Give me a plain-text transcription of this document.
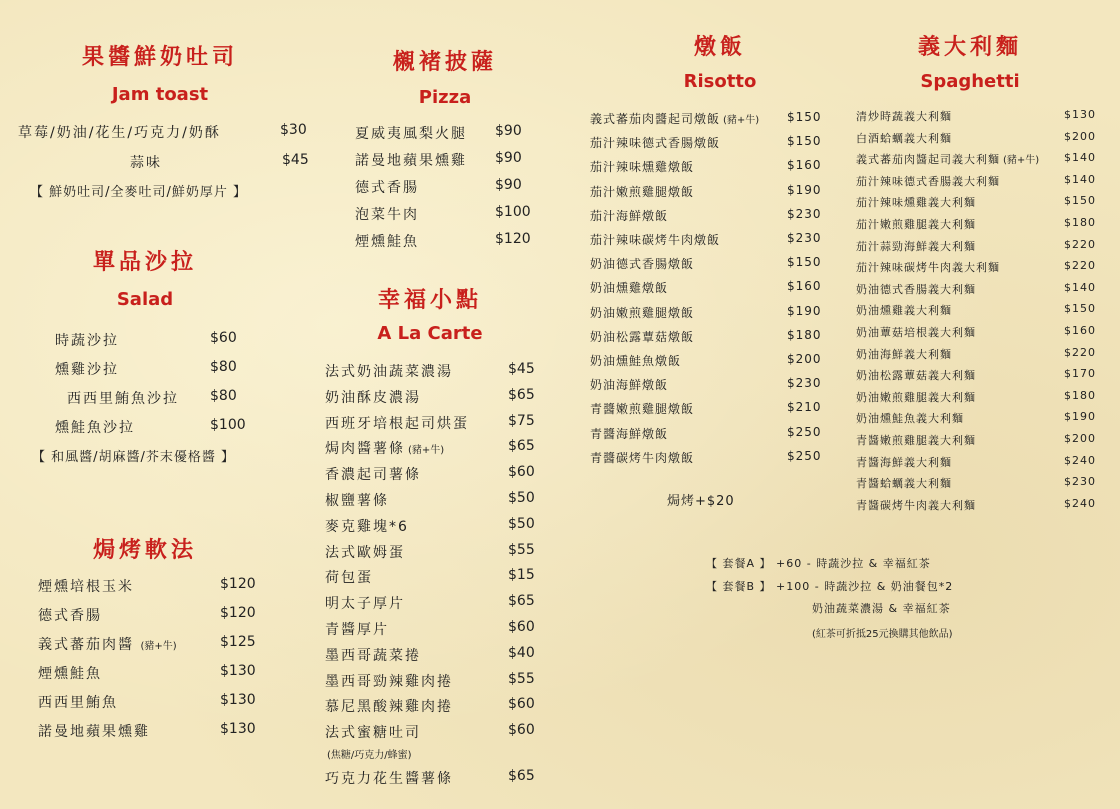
果醬鮮奶吐司
Jam toast
草莓/奶油/花生/巧克力/奶酥	$30
蒜味	$45
【 鮮奶吐司/全麥吐司/鮮奶厚片 】
單品沙拉
Salad
時蔬沙拉	$60
燻雞沙拉	$80
西西里鮪魚沙拉 $80
燻鮭魚沙拉	$100
【 和風醬/胡麻醬/芥末優格醬 】
焗烤軟法
煙燻培根玉米	$120
德式香腸	$120
義式蕃茄肉醬 (豬+牛)	$125
煙燻鮭魚	$130
西西里鮪魚	$130
諾曼地蘋果燻雞	$130
櫬褚披薩
Pizza
夏威夷風梨火腿 $90
諾曼地蘋果燻雞 $90
德式香腸	$90
泡菜牛肉	$100
煙燻鮭魚	$120
幸福小點
A La Carte
法式奶油蔬菜濃湯	$45
奶油酥皮濃湯	$65
西班牙培根起司烘蛋	$75
焗肉醬薯條 (豬+牛)	$65
香濃起司薯條	$60
椒鹽薯條	$50
麥克雞塊*6	$50
法式歐姆蛋	$55
荷包蛋	$15
明太子厚片	$65
青醬厚片	$60
墨西哥蔬菜捲	$40
墨西哥勁辣雞肉捲	$55
慕尼黑酸辣雞肉捲	$60
法式蜜糖吐司	$60
巧克力花生醬薯條	$65
(焦糖/巧克力/蜂蜜)
燉飯
Risotto
義式蕃茄肉醬起司燉飯 (豬+牛) $150
茄汁辣味德式香腸燉飯	$150
茄汁辣味燻雞燉飯	$160
茄汁嫩煎雞腿燉飯	$190
茄汁海鮮燉飯	$230
茄汁辣味碳烤牛肉燉飯	$230
奶油德式香腸燉飯	$150
奶油燻雞燉飯	$160
奶油嫩煎雞腿燉飯	$190
奶油松露蕈菇燉飯	$180
奶油燻鮭魚燉飯	$200
奶油海鮮燉飯	$230
青醬嫩煎雞腿燉飯	$210
青醬海鮮燉飯	$250
青醬碳烤牛肉燉飯	$250
焗烤+$20
義大利麵
Spaghetti
清炒時蔬義大利麵	$130
白酒蛤蠣義大利麵	$200
義式蕃茄肉醬起司義大利麵 (豬+牛) $140
茄汁辣味德式香腸義大利麵	$140
茄汁辣味燻雞義大利麵	$150
茄汁嫩煎雞腿義大利麵	$180
茄汁蒜勁海鮮義大利麵	$220
茄汁辣味碳烤牛肉義大利麵	$220
奶油德式香腸義大利麵	$140
奶油燻雞義大利麵	$150
奶油蕈菇培根義大利麵	$160
奶油海鮮義大利麵	$220
奶油松露蕈菇義大利麵	$170
奶油嫩煎雞腿義大利麵	$180
奶油燻鮭魚義大利麵	$190
青醬嫩煎雞腿義大利麵	$200
青醬海鮮義大利麵	$240
青醬蛤蠣義大利麵	$230
青醬碳烤牛肉義大利麵	$240
【 套餐A 】 +60 - 時蔬沙拉 & 幸福紅茶
【 套餐B 】 +100 - 時蔬沙拉 & 奶油餐包*2
奶油蔬菜濃湯 & 幸福紅茶
(紅茶可折抵25元換購其他飲品)
